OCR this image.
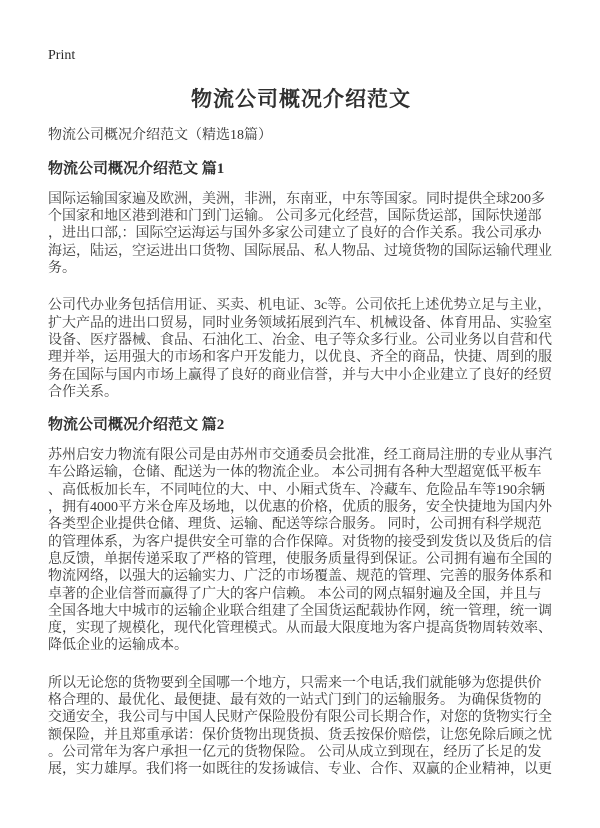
Print
物流公司概况介绍范文
物流公司概况介绍范文（精选18篇）
物流公司概况介绍范文 篇1

国际运输国家遍及欧洲，美洲，非洲，东南亚，中东等国家。同时提供全球200多个国家和地区港到港和门到门运输。 公司多元化经营，国际货运部，国际快递部，进出口部,：国际空运海运与国外多家公司建立了良好的合作关系。我公司承办海运，陆运，空运进出口货物、国际展品、私人物品、过境货物的国际运输代理业务。

公司代办业务包括信用证、买卖、机电证、3c等。公司依托上述优势立足与主业，扩大产品的进出口贸易，同时业务领域拓展到汽车、机械设备、体育用品、实验室设备、医疗器械、食品、石油化工、冶金、电子等众多行业。公司业务以自营和代理并举，运用强大的市场和客户开发能力，以优良、齐全的商品，快捷、周到的服务在国际与国内市场上赢得了良好的商业信誉，并与大中小企业建立了良好的经贸合作关系。

物流公司概况介绍范文 篇2

苏州启安力物流有限公司是由苏州市交通委员会批准，经工商局注册的专业从事汽车公路运输，仓储、配送为一体的物流企业。 本公司拥有各种大型超宽低平板车、高低板加长车，不同吨位的大、中、小厢式货车、冷藏车、危险品车等190余辆，拥有4000平方米仓库及场地，以优惠的价格，优质的服务，安全快捷地为国内外各类型企业提供仓储、理货、运输、配送等综合服务。 同时，公司拥有科学规范的管理体系，为客户提供安全可靠的合作保障。对货物的接受到发货以及货后的信息反馈，单据传递采取了严格的管理，使服务质量得到保证。公司拥有遍布全国的物流网络，以强大的运输实力、广泛的市场覆盖、规范的管理、完善的服务体系和卓著的企业信誉而赢得了广大的客户信赖。 本公司的网点辐射遍及全国，并且与全国各地大中城市的运输企业联合组建了全国货运配载协作网，统一管理，统一调度，实现了规模化，现代化管理模式。从而最大限度地为客户提高货物周转效率、降低企业的运输成本。

所以无论您的货物要到全国哪一个地方，只需来一个电话,我们就能够为您提供价格合理的、最优化、最便捷、最有效的一站式门到门的运输服务。 为确保货物的交通安全，我公司与中国人民财产保险股份有限公司长期合作，对您的货物实行全额保险，并且郑重承诺：保价货物出现货损、货丢按保价赔偿，让您免除后顾之忧。公司常年为客户承担一亿元的货物保险。 公司从成立到现在，经历了长足的发展，实力雄厚。我们将一如既往的发扬诚信、专业、合作、双赢的企业精神，以更
